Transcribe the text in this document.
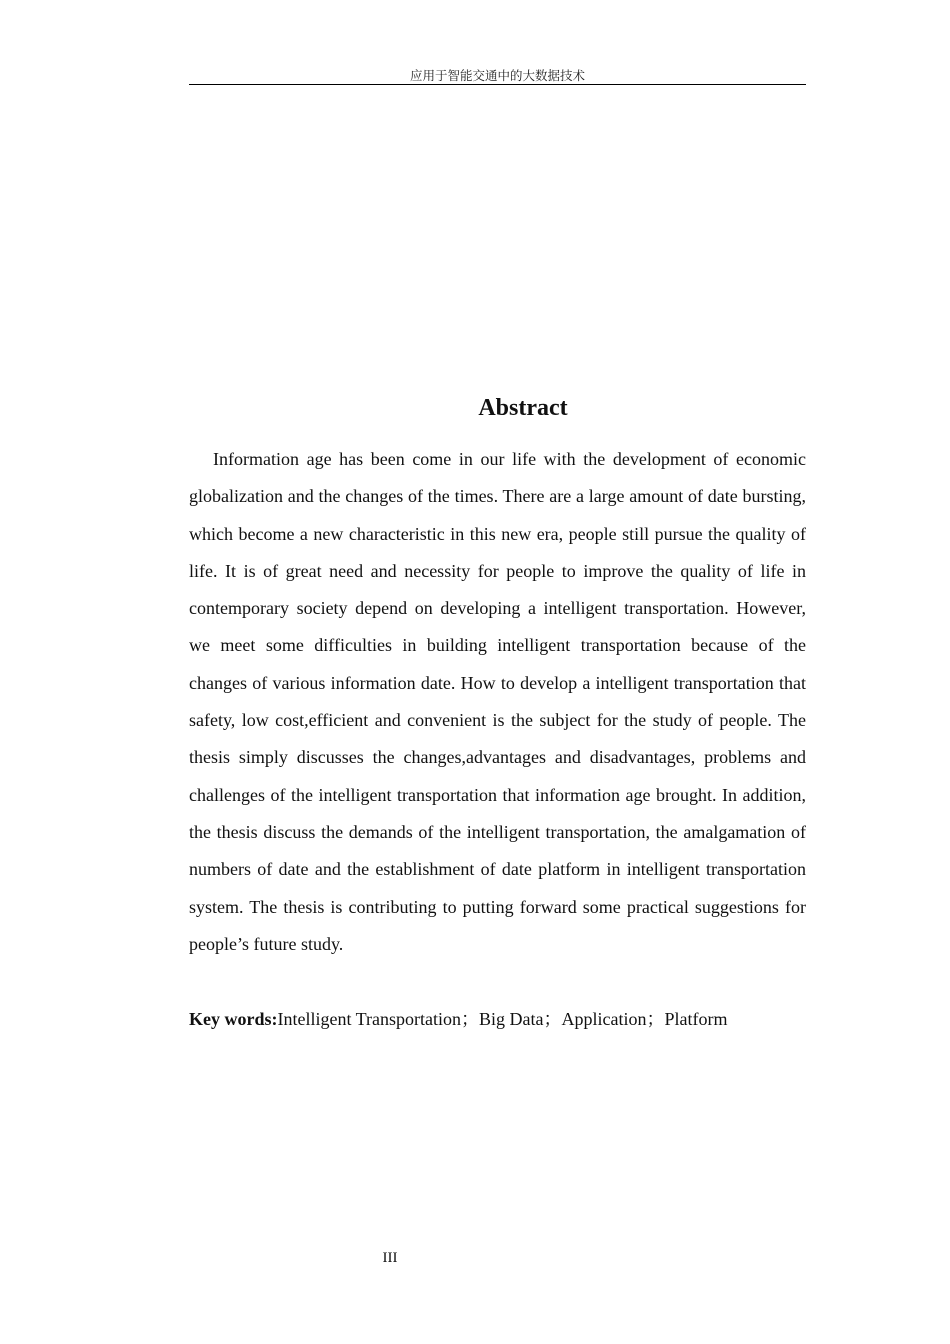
应用于智能交通中的大数据技术
Abstract

Information age has been come in our life with the development of economic globalization and the changes of the times. There are a large amount of date bursting, which become a new characteristic in this new era, people still pursue the quality of life. It is of great need and necessity for people to improve the quality of life in contemporary society depend on developing a intelligent transportation. However, we meet some difficulties in building intelligent transportation because of the changes of various information date. How to develop a intelligent transportation that safety, low cost,efficient and convenient is the subject for the study of people. The thesis simply discusses the changes,advantages and disadvantages, problems and challenges of the intelligent transportation that information age brought. In addition, the thesis discuss the demands of the intelligent transportation, the amalgamation of numbers of date and the establishment of date platform in intelligent transportation system. The thesis is contributing to putting forward some practical suggestions for people’s future study.

Key words:Intelligent Transportation；Big Data；Application；Platform

III
